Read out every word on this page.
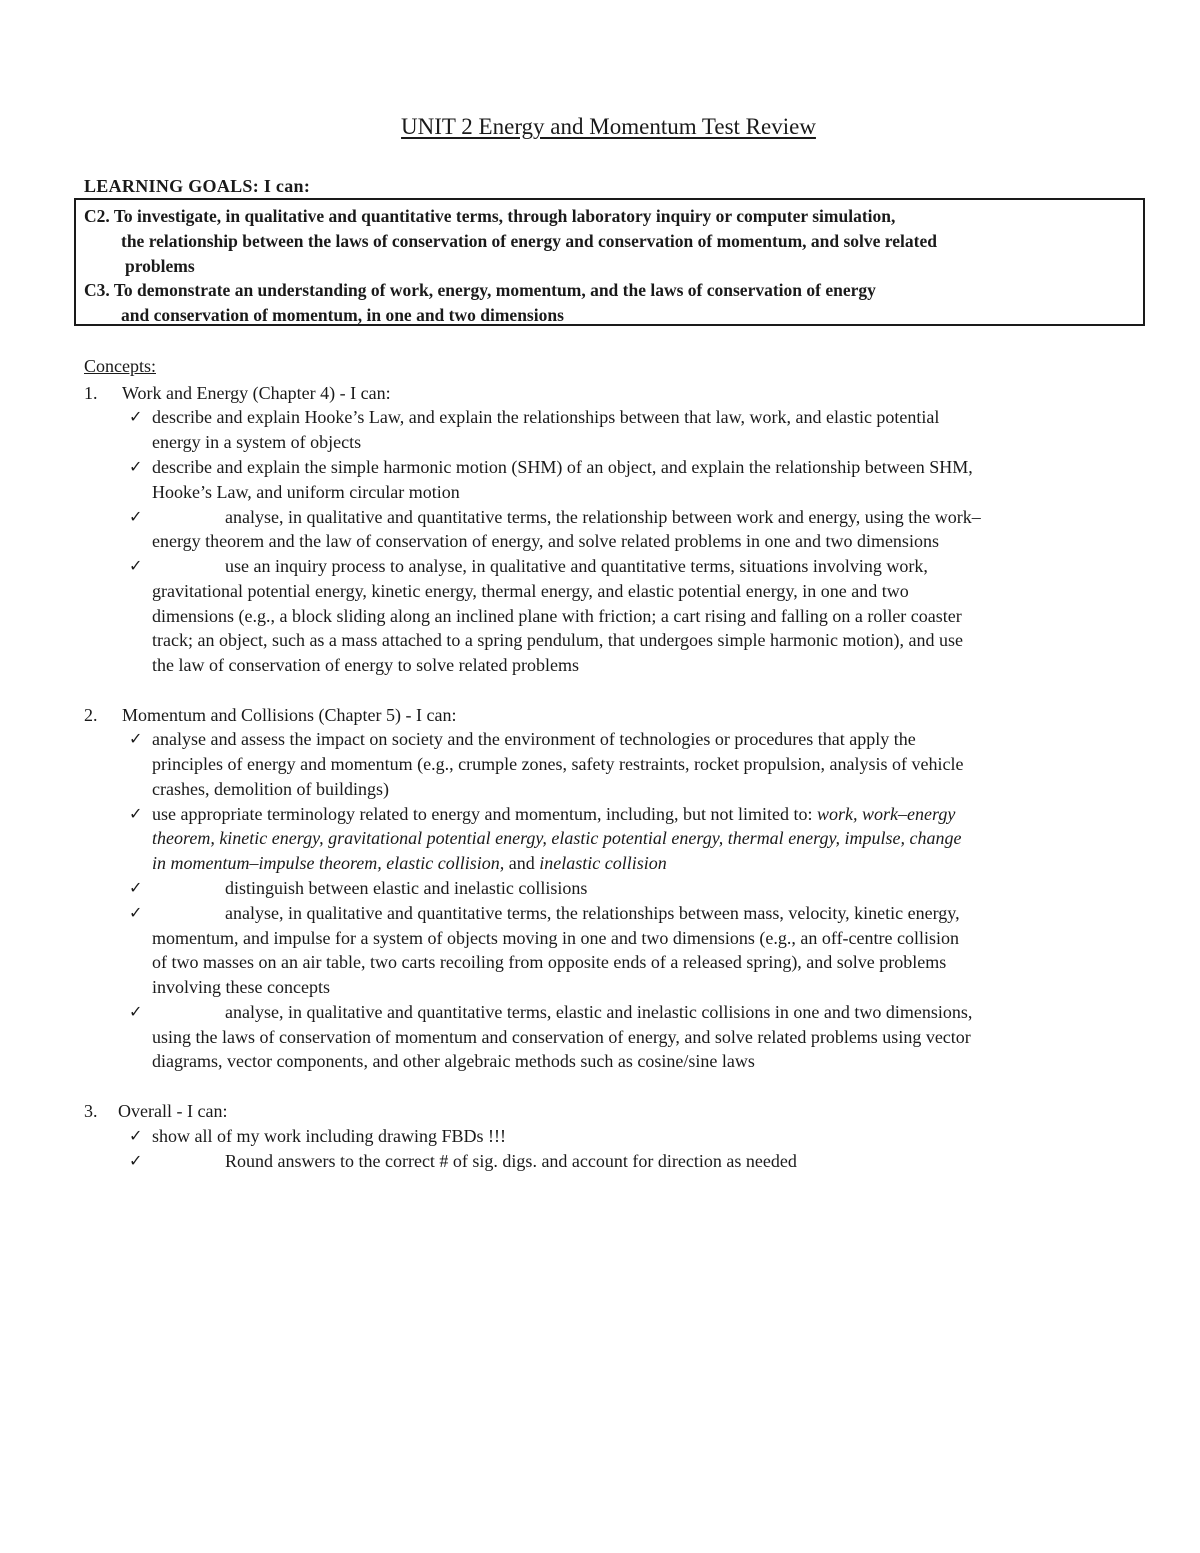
UNIT 2 Energy and Momentum Test Review
LEARNING GOALS: I can:
C2. To investigate, in qualitative and quantitative terms, through laboratory inquiry or computer simulation,
the relationship between the laws of conservation of energy and conservation of momentum, and solve related
problems
C3. To demonstrate an understanding of work, energy, momentum, and the laws of conservation of energy
and conservation of momentum, in one and two dimensions
Concepts:
1. Work and Energy (Chapter 4) - I can:
✓ describe and explain Hooke’s Law, and explain the relationships between that law, work, and elastic potential
energy in a system of objects
✓ describe and explain the simple harmonic motion (SHM) of an object, and explain the relationship between SHM,
Hooke’s Law, and uniform circular motion
✓	analyse, in qualitative and quantitative terms, the relationship between work and energy, using the work–
energy theorem and the law of conservation of energy, and solve related problems in one and two dimensions
✓	use an inquiry process to analyse, in qualitative and quantitative terms, situations involving work,
gravitational potential energy, kinetic energy, thermal energy, and elastic potential energy, in one and two
dimensions (e.g., a block sliding along an inclined plane with friction; a cart rising and falling on a roller coaster
track; an object, such as a mass attached to a spring pendulum, that undergoes simple harmonic motion), and use
the law of conservation of energy to solve related problems
2. Momentum and Collisions (Chapter 5) - I can:
✓ analyse and assess the impact on society and the environment of technologies or procedures that apply the
principles of energy and momentum (e.g., crumple zones, safety restraints, rocket propulsion, analysis of vehicle
crashes, demolition of buildings)
✓ use appropriate terminology related to energy and momentum, including, but not limited to: work, work–energy
theorem, kinetic energy, gravitational potential energy, elastic potential energy, thermal energy, impulse, change
in momentum–impulse theorem, elastic collision, and inelastic collision
✓	distinguish between elastic and inelastic collisions
✓	analyse, in qualitative and quantitative terms, the relationships between mass, velocity, kinetic energy,
momentum, and impulse for a system of objects moving in one and two dimensions (e.g., an off-centre collision
of two masses on an air table, two carts recoiling from opposite ends of a released spring), and solve problems
involving these concepts
✓	analyse, in qualitative and quantitative terms, elastic and inelastic collisions in one and two dimensions,
using the laws of conservation of momentum and conservation of energy, and solve related problems using vector
diagrams, vector components, and other algebraic methods such as cosine/sine laws
3. Overall - I can:
✓ show all of my work including drawing FBDs !!!
✓	Round answers to the correct # of sig. digs. and account for direction as needed
